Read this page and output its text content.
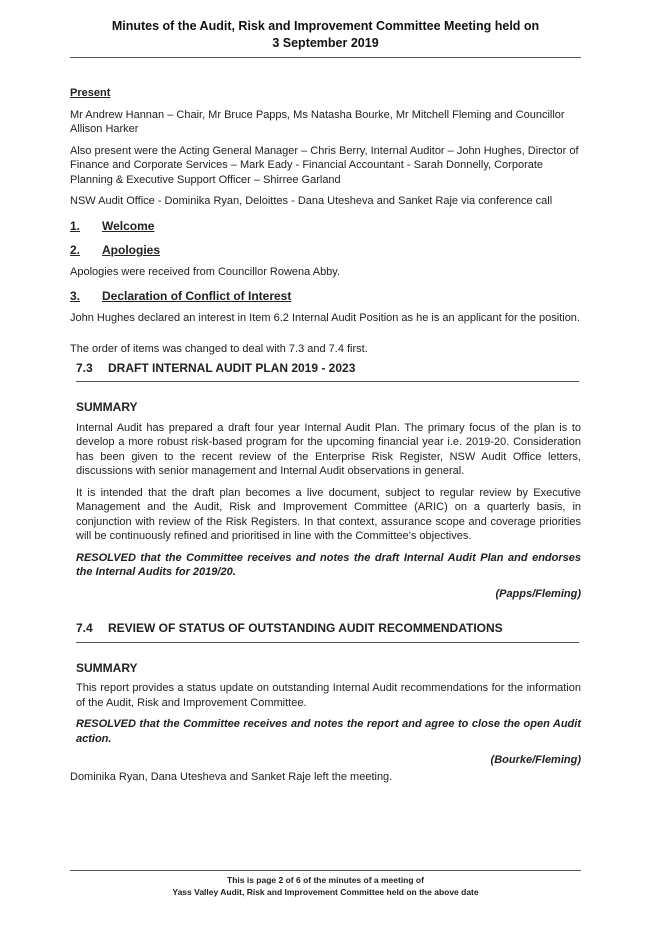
Minutes of the Audit, Risk and Improvement Committee Meeting held on
3 September 2019
Present

Mr Andrew Hannan – Chair, Mr Bruce Papps, Ms Natasha Bourke, Mr Mitchell Fleming and Councillor Allison Harker

Also present were the Acting General Manager – Chris Berry, Internal Auditor – John Hughes, Director of Finance and Corporate Services – Mark Eady - Financial Accountant - Sarah Donnelly, Corporate Planning & Executive Support Officer – Shirree Garland

NSW Audit Office - Dominika Ryan, Deloittes - Dana Utesheva and Sanket Raje via conference call

1. Welcome
2. Apologies

Apologies were received from Councillor Rowena Abby.

3. Declaration of Conflict of Interest

John Hughes declared an interest in Item 6.2 Internal Audit Position as he is an applicant for the position.

The order of items was changed to deal with 7.3 and 7.4 first.

7.3 DRAFT INTERNAL AUDIT PLAN 2019 - 2023
SUMMARY

Internal Audit has prepared a draft four year Internal Audit Plan. The primary focus of the plan is to develop a more robust risk-based program for the upcoming financial year i.e. 2019-20. Consideration has been given to the recent review of the Enterprise Risk Register, NSW Audit Office letters, discussions with senior management and Internal Audit observations in general.

It is intended that the draft plan becomes a live document, subject to regular review by Executive Management and the Audit, Risk and Improvement Committee (ARIC) on a quarterly basis, in conjunction with review of the Risk Registers. In that context, assurance scope and coverage priorities will be continuously refined and prioritised in line with the Committee’s objectives.

RESOLVED that the Committee receives and notes the draft Internal Audit Plan and endorses the Internal Audits for 2019/20.

(Papps/Fleming)

7.4 REVIEW OF STATUS OF OUTSTANDING AUDIT RECOMMENDATIONS
SUMMARY

This report provides a status update on outstanding Internal Audit recommendations for the information of the Audit, Risk and Improvement Committee.

RESOLVED that the Committee receives and notes the report and agree to close the open Audit action.

(Bourke/Fleming)

Dominika Ryan, Dana Utesheva and Sanket Raje left the meeting.

This is page 2 of 6 of the minutes of a meeting of
Yass Valley Audit, Risk and Improvement Committee held on the above date
